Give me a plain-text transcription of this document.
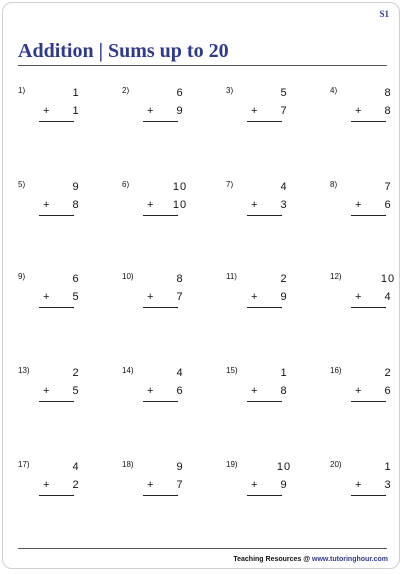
S1
Addition | Sums up to 20
1)	1
+	1
2)	6
+	9
3)	5
+	7
4)	8
+	8
5)	9
+	8
6)	10
+	10
7)	4
+	3
8)	7
+	6
9)	6
+	5
10)	8
+	7
11)	2
+	9
12)	10
+	4
13)	2
+	5
14)	4
+	6
15)	1
+	8
16)	2
+	6
17)	4
+	2
18)	9
+	7
19)	10
+	9
20)	1
+	3
Teaching Resources @ www.tutoringhour.com
